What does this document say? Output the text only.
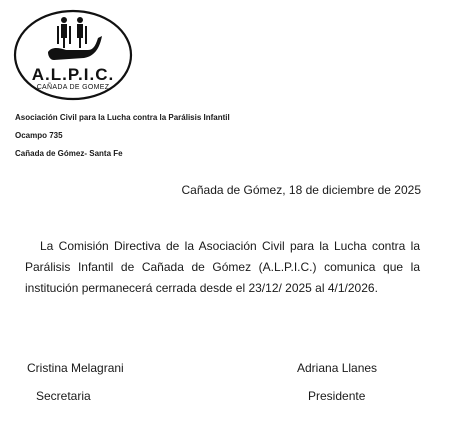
A.L.P.I.C.
CAÑADA DE GOMEZ
Asociación Civil para la Lucha contra la Parálisis Infantil
Ocampo 735
Cañada de Gómez- Santa Fe
Cañada de Gómez, 18 de diciembre de 2025
La Comisión Directiva de la Asociación Civil para la Lucha contra la Parálisis Infantil de Cañada de Gómez (A.L.P.I.C.) comunica que la institución permanecerá cerrada desde el 23/12/ 2025 al 4/1/2026.
Cristina Melagrani
Secretaria
Adriana Llanes
Presidente
